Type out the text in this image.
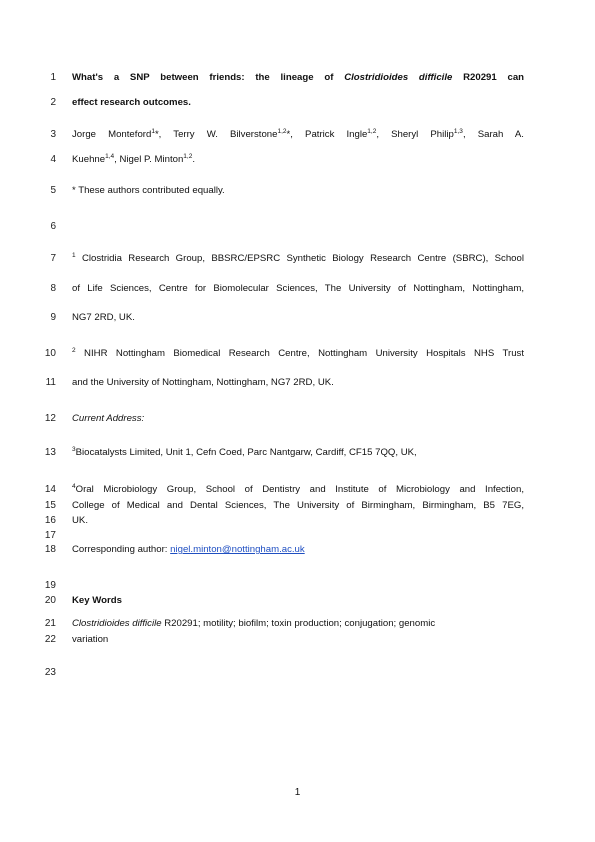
1
2
3
4
5
6
7
8
9
10
11
12
13
14
15
16
17
18
19
20
21
22
23
What's a SNP between friends: the lineage of Clostridioides difficile R20291 can
effect research outcomes.
Jorge Monteford$^1$*, Terry W. Bilverstone$^{1,2}$*, Patrick Ingle$^{1,2}$, Sheryl Philip$^{1,3}$, Sarah A.
Kuehne$^{1,4}$, Nigel P. Minton$^{1,2}$.
* These authors contributed equally.
$^1$ Clostridia Research Group, BBSRC/EPSRC Synthetic Biology Research Centre (SBRC), School
of Life Sciences, Centre for Biomolecular Sciences, The University of Nottingham, Nottingham,
NG7 2RD, UK.
$^2$ NIHR Nottingham Biomedical Research Centre, Nottingham University Hospitals NHS Trust
and the University of Nottingham, Nottingham, NG7 2RD, UK.
Current Address:
$^3$Biocatalysts Limited, Unit 1, Cefn Coed, Parc Nantgarw, Cardiff, CF15 7QQ, UK,
$^4$Oral Microbiology Group, School of Dentistry and Institute of Microbiology and Infection,
College of Medical and Dental Sciences, The University of Birmingham, Birmingham, B5 7EG,
UK.
Corresponding author: nigel.minton@nottingham.ac.uk
Key Words
Clostridioides difficile R20291; motility; biofilm; toxin production; conjugation; genomic
variation
1
